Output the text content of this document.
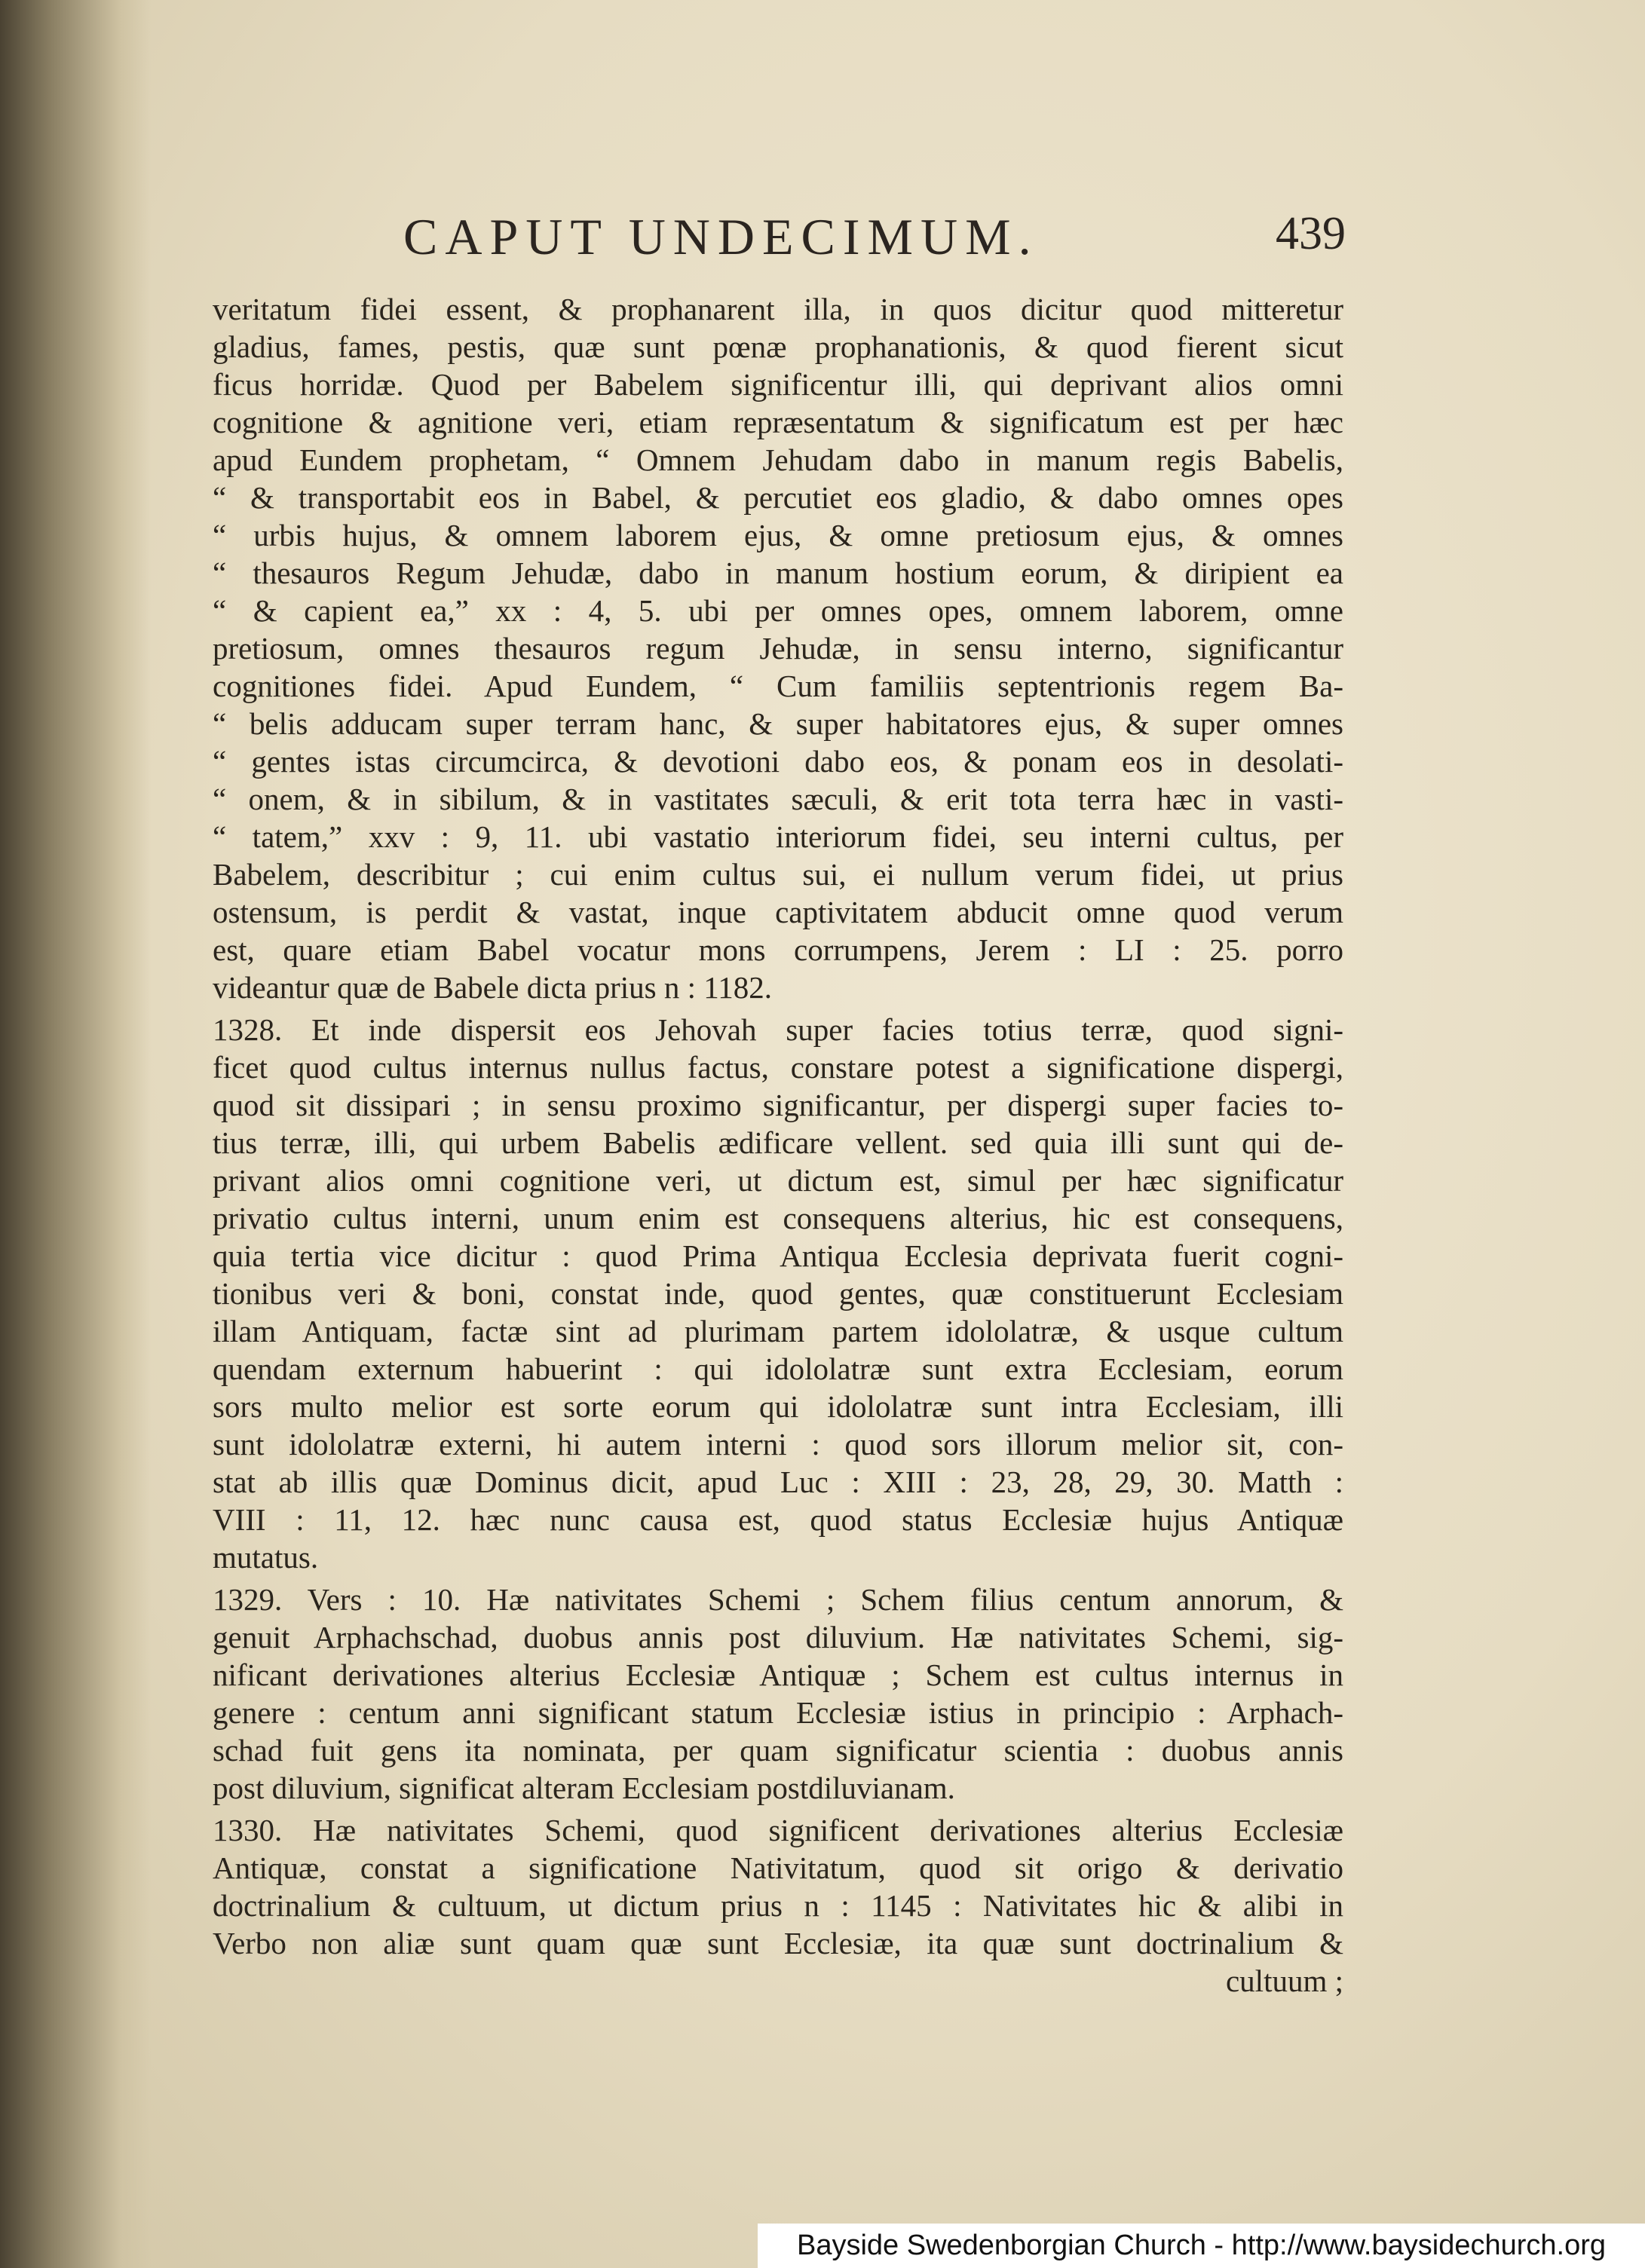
CAPUT UNDECIMUM.	439
veritatum fidei essent, & prophanarent illa, in quos dicitur quod mitteretur
gladius, fames, pestis, quæ sunt pœnæ prophanationis, & quod fierent sicut
ficus horridæ. Quod per Babelem significentur illi, qui deprivant alios omni
cognitione & agnitione veri, etiam repræsentatum & significatum est per hæc
apud Eundem prophetam, “ Omnem Jehudam dabo in manum regis Babelis,
“ & transportabit eos in Babel, & percutiet eos gladio, & dabo omnes opes
“ urbis hujus, & omnem laborem ejus, & omne pretiosum ejus, & omnes
“ thesauros Regum Jehudæ, dabo in manum hostium eorum, & diripient ea
“ & capient ea,” xx : 4, 5. ubi per omnes opes, omnem laborem, omne
pretiosum, omnes thesauros regum Jehudæ, in sensu interno, significantur
cognitiones fidei. Apud Eundem, “ Cum familiis septentrionis regem Ba-
“ belis adducam super terram hanc, & super habitatores ejus, & super omnes
“ gentes istas circumcirca, & devotioni dabo eos, & ponam eos in desolati-
“ onem, & in sibilum, & in vastitates sæculi, & erit tota terra hæc in vasti-
“ tatem,” xxv : 9, 11. ubi vastatio interiorum fidei, seu interni cultus, per
Babelem, describitur ; cui enim cultus sui, ei nullum verum fidei, ut prius
ostensum, is perdit & vastat, inque captivitatem abducit omne quod verum
est, quare etiam Babel vocatur mons corrumpens, Jerem : LI : 25. porro
videantur quæ de Babele dicta prius n : 1182.
1328. Et inde dispersit eos Jehovah super facies totius terræ, quod signi-
ficet quod cultus internus nullus factus, constare potest a significatione dispergi,
quod sit dissipari ; in sensu proximo significantur, per dispergi super facies to-
tius terræ, illi, qui urbem Babelis ædificare vellent. sed quia illi sunt qui de-
privant alios omni cognitione veri, ut dictum est, simul per hæc significatur
privatio cultus interni, unum enim est consequens alterius, hic est consequens,
quia tertia vice dicitur : quod Prima Antiqua Ecclesia deprivata fuerit cogni-
tionibus veri & boni, constat inde, quod gentes, quæ constituerunt Ecclesiam
illam Antiquam, factæ sint ad plurimam partem idololatræ, & usque cultum
quendam externum habuerint : qui idololatræ sunt extra Ecclesiam, eorum
sors multo melior est sorte eorum qui idololatræ sunt intra Ecclesiam, illi
sunt idololatræ externi, hi autem interni : quod sors illorum melior sit, con-
stat ab illis quæ Dominus dicit, apud Luc : XIII : 23, 28, 29, 30. Matth :
VIII : 11, 12. hæc nunc causa est, quod status Ecclesiæ hujus Antiquæ
mutatus.
1329. Vers : 10. Hæ nativitates Schemi ; Schem filius centum annorum, &
genuit Arphachschad, duobus annis post diluvium. Hæ nativitates Schemi, sig-
nificant derivationes alterius Ecclesiæ Antiquæ ; Schem est cultus internus in
genere : centum anni significant statum Ecclesiæ istius in principio : Arphach-
schad fuit gens ita nominata, per quam significatur scientia : duobus annis
post diluvium, significat alteram Ecclesiam postdiluvianam.
1330. Hæ nativitates Schemi, quod significent derivationes alterius Ecclesiæ
Antiquæ, constat a significatione Nativitatum, quod sit origo & derivatio
doctrinalium & cultuum, ut dictum prius n : 1145 : Nativitates hic & alibi in
Verbo non aliæ sunt quam quæ sunt Ecclesiæ, ita quæ sunt doctrinalium &
cultuum ;
Bayside Swedenborgian Church - http://www.baysidechurch.org
